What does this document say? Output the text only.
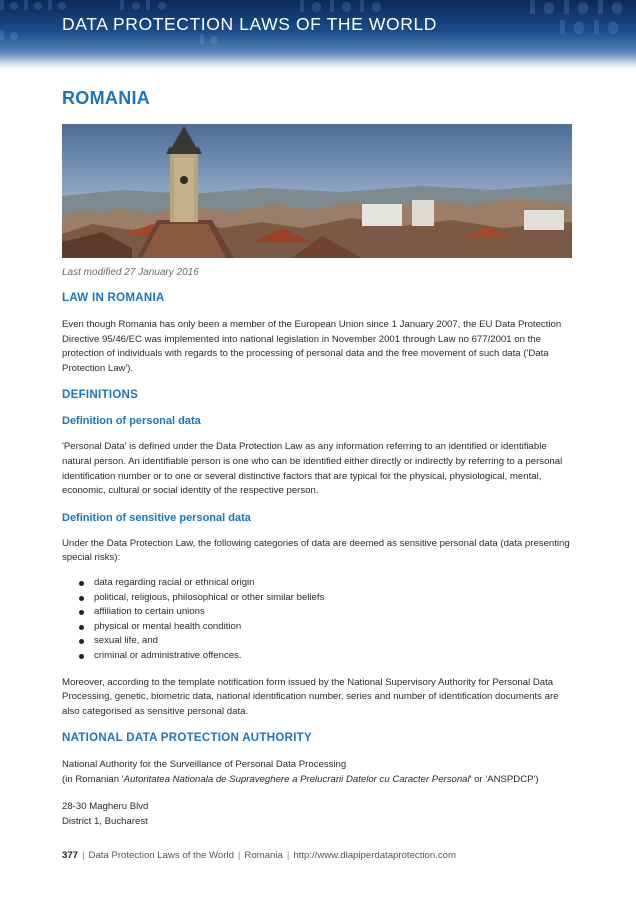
DATA PROTECTION LAWS OF THE WORLD
ROMANIA
Last modified 27 January 2016
LAW IN ROMANIA

Even though Romania has only been a member of the European Union since 1 January 2007, the EU Data Protection Directive 95/46/EC was implemented into national legislation in November 2001 through Law no 677/2001 on the protection of individuals with regards to the processing of personal data and the free movement of such data ('Data Protection Law').

DEFINITIONS
Definition of personal data

'Personal Data' is defined under the Data Protection Law as any information referring to an identified or identifiable natural person. An identifiable person is one who can be identified either directly or indirectly by referring to a personal identification number or to one or several distinctive factors that are typical for the physical, physiological, mental, economic, cultural or social identity of the respective person.

Definition of sensitive personal data

Under the Data Protection Law, the following categories of data are deemed as sensitive personal data (data presenting special risks):

data regarding racial or ethnical origin
political, religious, philosophical or other similar beliefs
affiliation to certain unions
physical or mental health condition
sexual life, and
criminal or administrative offences.

Moreover, according to the template notification form issued by the National Supervisory Authority for Personal Data Processing, genetic, biometric data, national identification number, series and number of identification documents are also categorised as sensitive personal data.

NATIONAL DATA PROTECTION AUTHORITY
National Authority for the Surveillance of Personal Data Processing
(in Romanian 'Autoritatea Nationala de Supraveghere a Prelucrarii Datelor cu Caracter Personal' or 'ANSPDCP')
28-30 Magheru Blvd
District 1, Bucharest
377 | Data Protection Laws of the World | Romania | http://www.dlapiperdataprotection.com
